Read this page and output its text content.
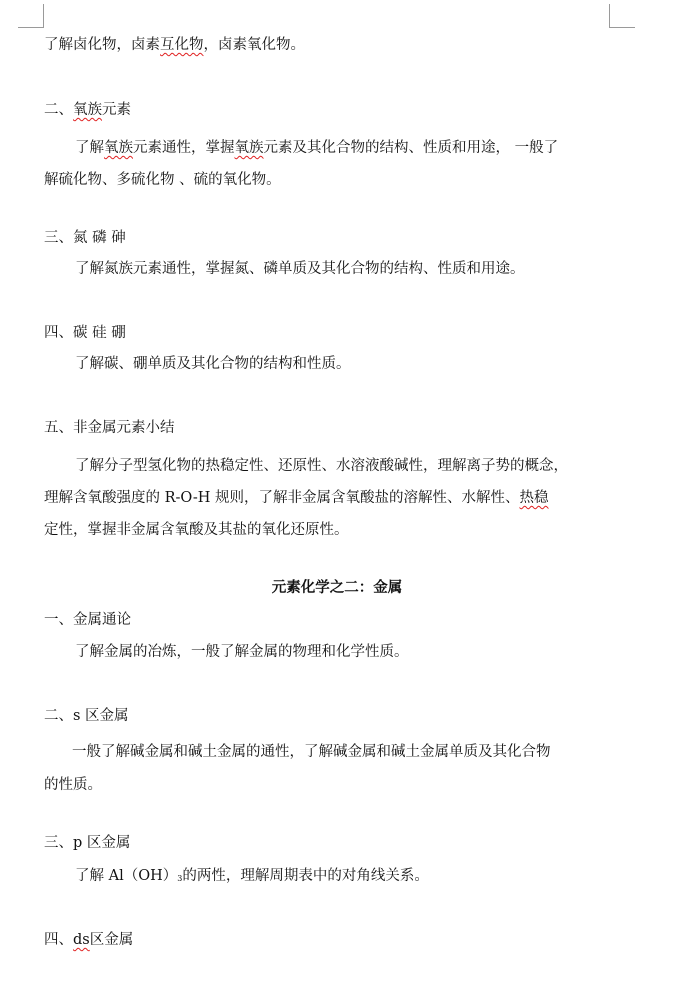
了解卤化物，卤素互化物，卤素氧化物。
二、氧族元素
了解氧族元素通性，掌握氧族元素及其化合物的结构、性质和用途， 一般了
解硫化物、多硫化物 、硫的氧化物。
三、氮 磷 砷
了解氮族元素通性，掌握氮、磷单质及其化合物的结构、性质和用途。
四、碳 硅 硼
了解碳、硼单质及其化合物的结构和性质。
五、非金属元素小结
了解分子型氢化物的热稳定性、还原性、水溶液酸碱性，理解离子势的概念，
理解含氧酸强度的 R-O-H 规则，了解非金属含氧酸盐的溶解性、水解性、热稳
定性，掌握非金属含氧酸及其盐的氧化还原性。
元素化学之二：金属
一、金属通论
了解金属的冶炼，一般了解金属的物理和化学性质。
二、s 区金属
一般了解碱金属和碱土金属的通性，了解碱金属和碱土金属单质及其化合物
的性质。
三、p 区金属
了解 $Al(OH)_3$的两性，理解周期表中的对角线关系。
四、ds区金属
